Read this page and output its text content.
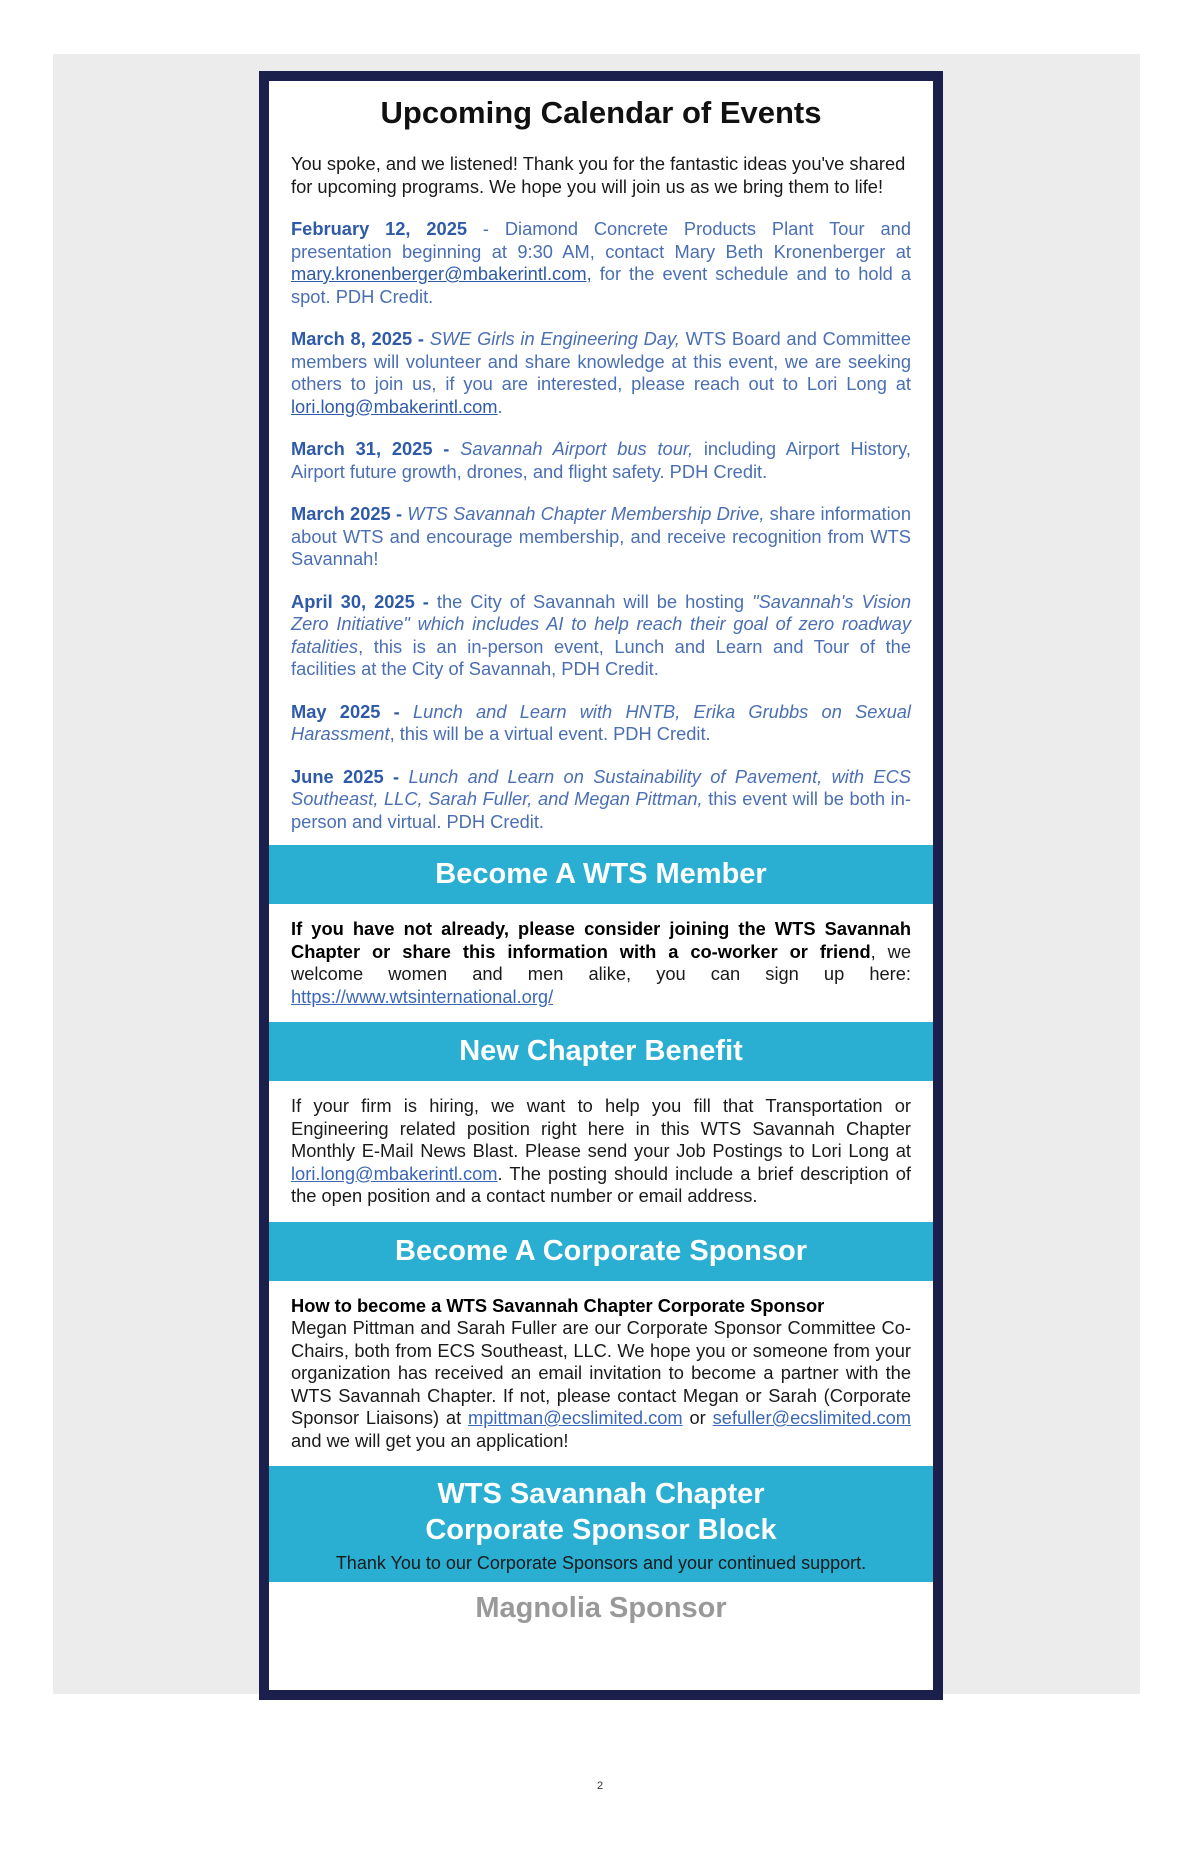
Upcoming Calendar of Events

You spoke, and we listened! Thank you for the fantastic ideas you've shared for upcoming programs. We hope you will join us as we bring them to life!

February 12, 2025 - Diamond Concrete Products Plant Tour and presentation beginning at 9:30 AM, contact Mary Beth Kronenberger at mary.kronenberger@mbakerintl.com, for the event schedule and to hold a spot. PDH Credit.

March 8, 2025 - SWE Girls in Engineering Day, WTS Board and Committee members will volunteer and share knowledge at this event, we are seeking others to join us, if you are interested, please reach out to Lori Long at lori.long@mbakerintl.com.

March 31, 2025 - Savannah Airport bus tour, including Airport History, Airport future growth, drones, and flight safety. PDH Credit.

March 2025 - WTS Savannah Chapter Membership Drive, share information about WTS and encourage membership, and receive recognition from WTS Savannah!

April 30, 2025 - the City of Savannah will be hosting "Savannah's Vision Zero Initiative" which includes AI to help reach their goal of zero roadway fatalities, this is an in-person event, Lunch and Learn and Tour of the facilities at the City of Savannah, PDH Credit.

May 2025 - Lunch and Learn with HNTB, Erika Grubbs on Sexual Harassment, this will be a virtual event. PDH Credit.

June 2025 - Lunch and Learn on Sustainability of Pavement, with ECS Southeast, LLC, Sarah Fuller, and Megan Pittman, this event will be both in-person and virtual. PDH Credit.

Become A WTS Member
If you have not already, please consider joining the WTS Savannah Chapter or share this information with a co-worker or friend, we welcome women and men alike, you can sign up here: https://www.wtsinternational.org/
New Chapter Benefit
If your firm is hiring, we want to help you fill that Transportation or Engineering related position right here in this WTS Savannah Chapter Monthly E-Mail News Blast. Please send your Job Postings to Lori Long at lori.long@mbakerintl.com. The posting should include a brief description of the open position and a contact number or email address.
Become A Corporate Sponsor
How to become a WTS Savannah Chapter Corporate Sponsor
Megan Pittman and Sarah Fuller are our Corporate Sponsor Committee Co-Chairs, both from ECS Southeast, LLC. We hope you or someone from your organization has received an email invitation to become a partner with the WTS Savannah Chapter. If not, please contact Megan or Sarah (Corporate Sponsor Liaisons) at mpittman@ecslimited.com or sefuller@ecslimited.com and we will get you an application!
WTS Savannah Chapter
Corporate Sponsor Block
Thank You to our Corporate Sponsors and your continued support.
Magnolia Sponsor
2
